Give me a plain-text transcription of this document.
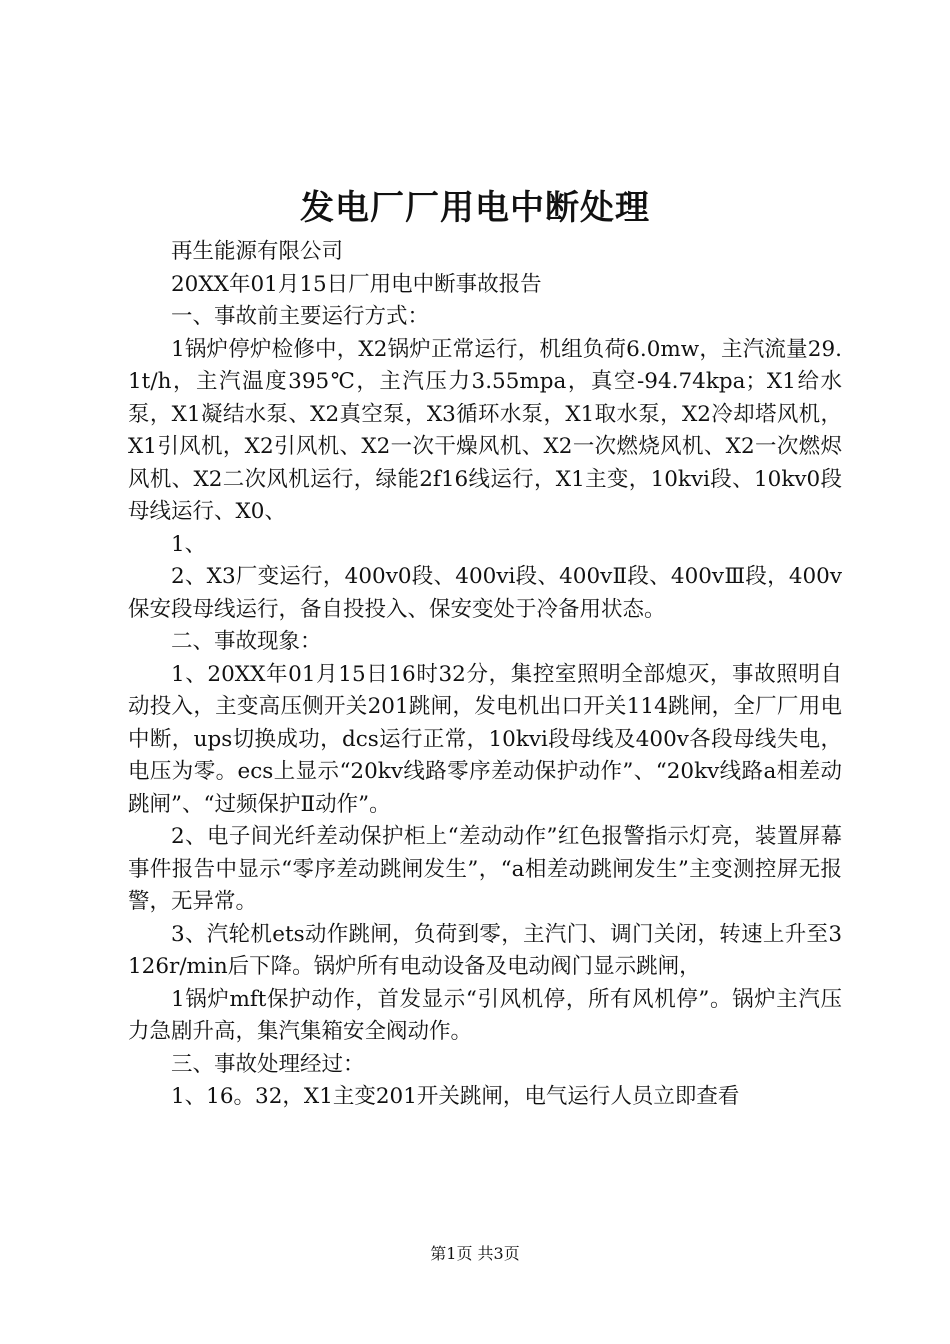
发电厂厂用电中断处理

再生能源有限公司

20XX年01月15日厂用电中断事故报告

一、事故前主要运行方式：

1锅炉停炉检修中，X2锅炉正常运行，机组负荷6.0mw，主汽流量29.1t/h，主汽温度395℃，主汽压力3.55mpa，真空-94.74kpa；X1给水泵，X1凝结水泵、X2真空泵，X3循环水泵，X1取水泵，X2冷却塔风机，X1引风机，X2引风机、X2一次干燥风机、X2一次燃烧风机、X2一次燃烬风机、X2二次风机运行，绿能2f16线运行，X1主变，10kvi段、10kv0段母线运行、X0、

1、

2、X3厂变运行，400v0段、400vi段、400vⅡ段、400vⅢ段，400v保安段母线运行，备自投投入、保安变处于冷备用状态。

二、事故现象：

1、20XX年01月15日16时32分，集控室照明全部熄灭，事故照明自动投入，主变高压侧开关201跳闸，发电机出口开关114跳闸，全厂厂用电中断，ups切换成功，dcs运行正常，10kvi段母线及400v各段母线失电，电压为零。ecs上显示“20kv线路零序差动保护动作”、“20kv线路a相差动跳闸”、“过频保护Ⅱ动作”。

2、电子间光纤差动保护柜上“差动动作”红色报警指示灯亮，装置屏幕事件报告中显示“零序差动跳闸发生”，“a相差动跳闸发生”主变测控屏无报警，无异常。

3、汽轮机ets动作跳闸，负荷到零，主汽门、调门关闭，转速上升至3126r/min后下降。锅炉所有电动设备及电动阀门显示跳闸，

1锅炉mft保护动作，首发显示“引风机停，所有风机停”。锅炉主汽压力急剧升高，集汽集箱安全阀动作。

三、事故处理经过：

1、16。32，X1主变201开关跳闸，电气运行人员立即查看

第1页 共3页
